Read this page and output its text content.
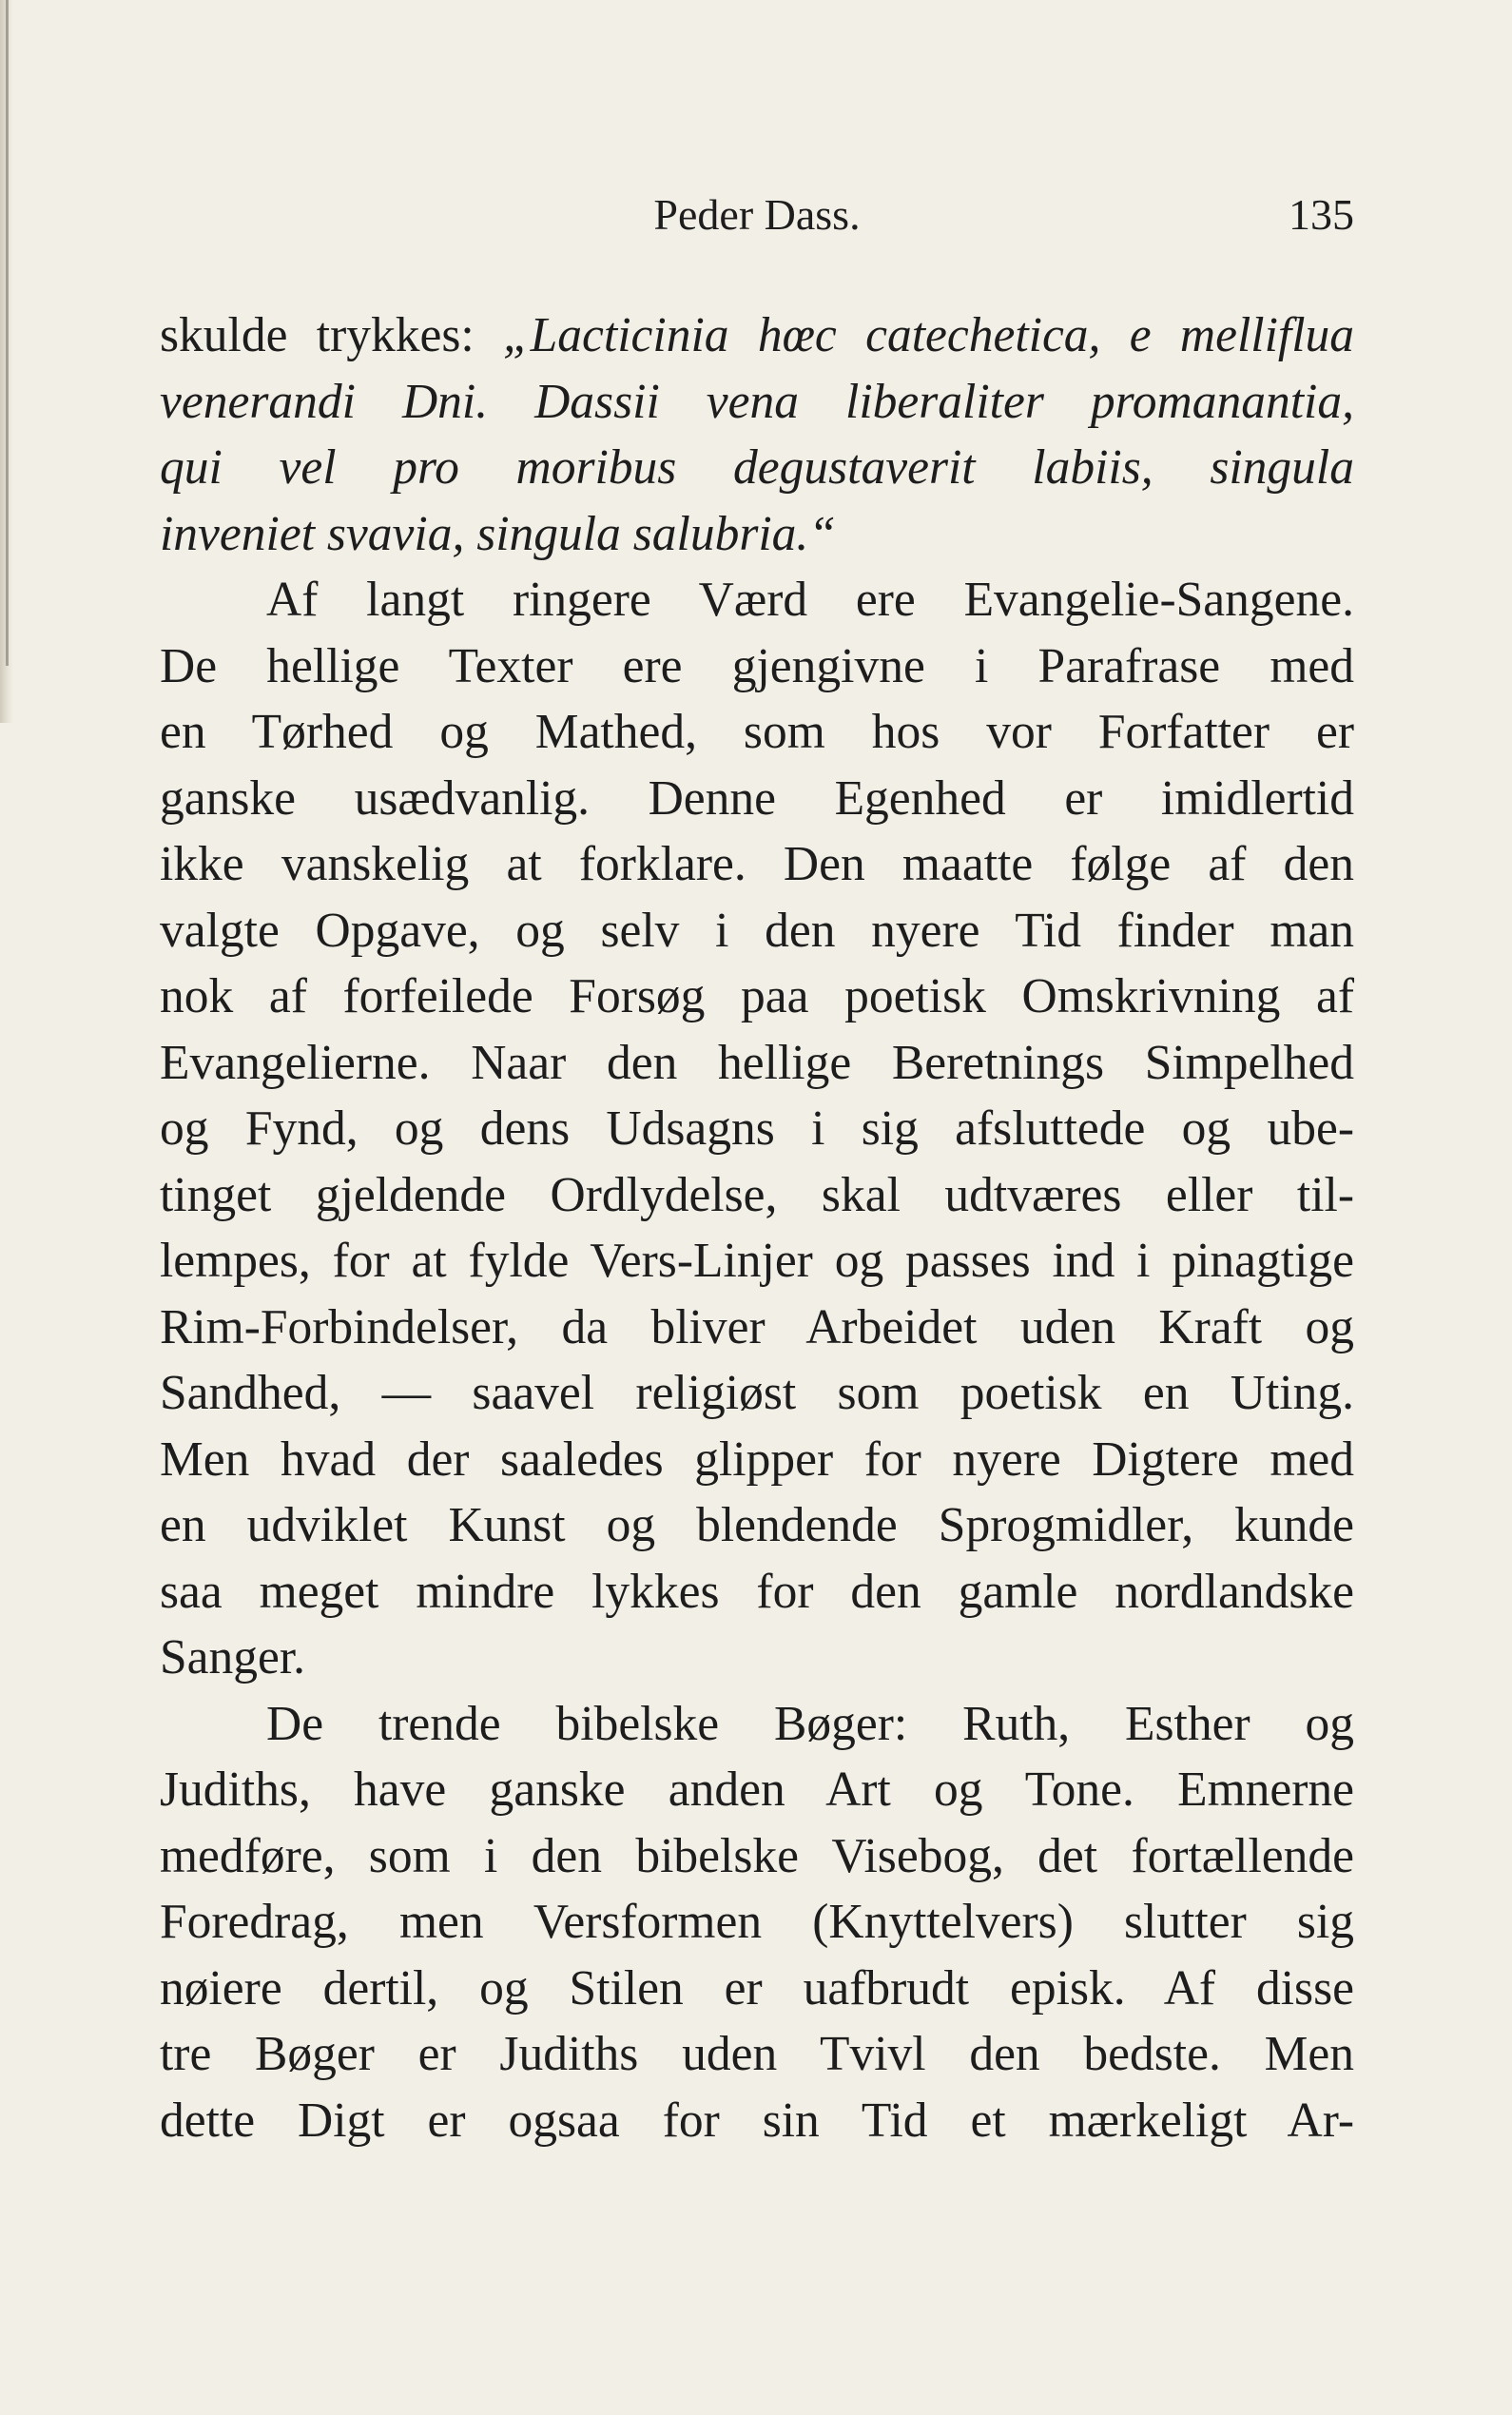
Peder Dass.	135
skulde trykkes: „Lacticinia hœc catechetica, e melliflua
venerandi Dni. Dassii vena liberaliter promanantia,
qui vel pro moribus degustaverit labiis, singula
inveniet svavia, singula salubria.“
Af langt ringere Værd ere Evangelie-Sangene.
De hellige Texter ere gjengivne i Parafrase med
en Tørhed og Mathed, som hos vor Forfatter er
ganske usædvanlig. Denne Egenhed er imidlertid
ikke vanskelig at forklare. Den maatte følge af den
valgte Opgave, og selv i den nyere Tid finder man
nok af forfeilede Forsøg paa poetisk Omskrivning af
Evangelierne. Naar den hellige Beretnings Simpelhed
og Fynd, og dens Udsagns i sig afsluttede og ube-
tinget gjeldende Ordlydelse, skal udtværes eller til-
lempes, for at fylde Vers-Linjer og passes ind i pinagtige
Rim-Forbindelser, da bliver Arbeidet uden Kraft og
Sandhed, — saavel religiøst som poetisk en Uting.
Men hvad der saaledes glipper for nyere Digtere med
en udviklet Kunst og blendende Sprogmidler, kunde
saa meget mindre lykkes for den gamle nordlandske
Sanger.
De trende bibelske Bøger: Ruth, Esther og
Judiths, have ganske anden Art og Tone. Emnerne
medføre, som i den bibelske Visebog, det fortællende
Foredrag, men Versformen (Knyttelvers) slutter sig
nøiere dertil, og Stilen er uafbrudt episk. Af disse
tre Bøger er Judiths uden Tvivl den bedste. Men
dette Digt er ogsaa for sin Tid et mærkeligt Ar-
